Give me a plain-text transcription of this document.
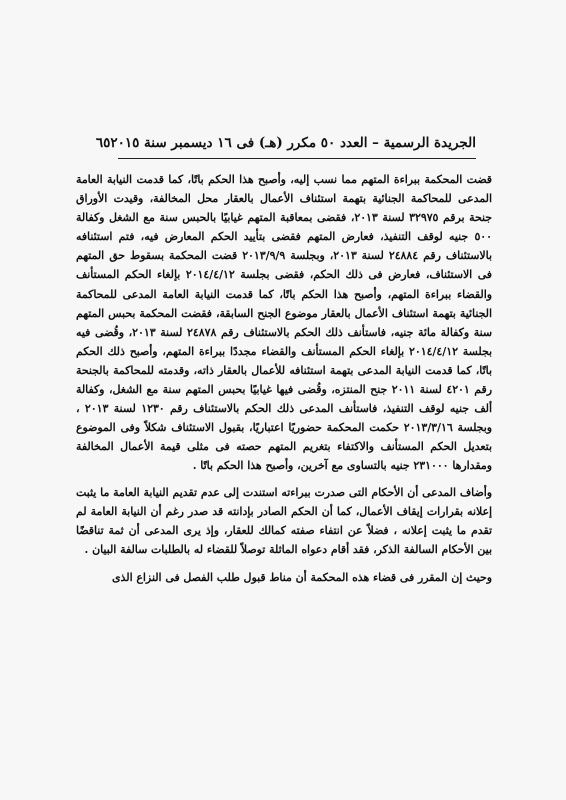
الجريدة الرسمية – العدد ٥٠ مكرر (هـ) فى ١٦ ديسمبر سنة ٢٠١٥
٦٥

قضت المحكمة ببراءة المتهم مما نسب إليه، وأصبح هذا الحكم باتًا، كما قدمت النيابة العامة المدعى للمحاكمة الجنائية بتهمة استئناف الأعمال بالعقار محل المخالفة، وقيدت الأوراق جنحة برقم ٣٢٩٧٥ لسنة ٢٠١٣، فقضى بمعاقبة المتهم غيابيًا بالحبس سنة مع الشغل وكفالة ٥٠٠ جنيه لوقف التنفيذ، فعارض المتهم فقضى بتأييد الحكم المعارض فيه، فتم استئنافه بالاستئناف رقم ٢٤٨٨٤ لسنة ٢٠١٣، وبجلسة ٢٠١٣/٩/٩ قضت المحكمة بسقوط حق المتهم فى الاستئناف، فعارض فى ذلك الحكم، فقضى بجلسة ٢٠١٤/٤/١٢ بإلغاء الحكم المستأنف والقضاء ببراءة المتهم، وأصبح هذا الحكم باتًا، كما قدمت النيابة العامة المدعى للمحاكمة الجنائية بتهمة استئناف الأعمال بالعقار موضوع الجنح السابقة، فقضت المحكمة بحبس المتهم سنة وكفالة مائة جنيه، فاستأنف ذلك الحكم بالاستئناف رقم ٢٤٨٧٨ لسنة ٢٠١٣، وقُضى فيه بجلسة ٢٠١٤/٤/١٢ بإلغاء الحكم المستأنف والقضاء مجددًا ببراءة المتهم، وأصبح ذلك الحكم باتًا، كما قدمت النيابة المدعى بتهمة استئنافه للأعمال بالعقار ذاته، وقدمته للمحاكمة بالجنحة رقم ٤٢٠١ لسنة ٢٠١١ جنح المنتزه، وقُضى فيها غيابيًا بحبس المتهم سنة مع الشغل، وكفالة ألف جنيه لوقف التنفيذ، فاستأنف المدعى ذلك الحكم بالاستئناف رقم ١٢٣٠ لسنة ٢٠١٣ ، وبجلسة ٢٠١٣/٣/١٦ حكمت المحكمة حضوريًا اعتباريًا، بقبول الاستئناف شكلاً وفى الموضوع بتعديل الحكم المستأنف والاكتفاء بتغريم المتهم حصته فى مثلى قيمة الأعمال المخالفة ومقدارها ٢٣١٠٠٠ جنيه بالتساوى مع آخرين، وأصبح هذا الحكم باتًا .

وأضاف المدعى أن الأحكام التى صدرت ببراءته استندت إلى عدم تقديم النيابة العامة ما يثبت إعلانه بقرارات إيقاف الأعمال، كما أن الحكم الصادر بإدانته قد صدر رغم أن النيابة العامة لم تقدم ما يثبت إعلانه ، فضلاً عن انتفاء صفته كمالك للعقار، وإذ يرى المدعى أن ثمة تناقضًا بين الأحكام السالفة الذكر، فقد أقام دعواه الماثلة توصلاً للقضاء له بالطلبات سالفة البيان .

وحيث إن المقرر فى قضاء هذه المحكمة أن مناط قبول طلب الفصل فى النزاع الذى
